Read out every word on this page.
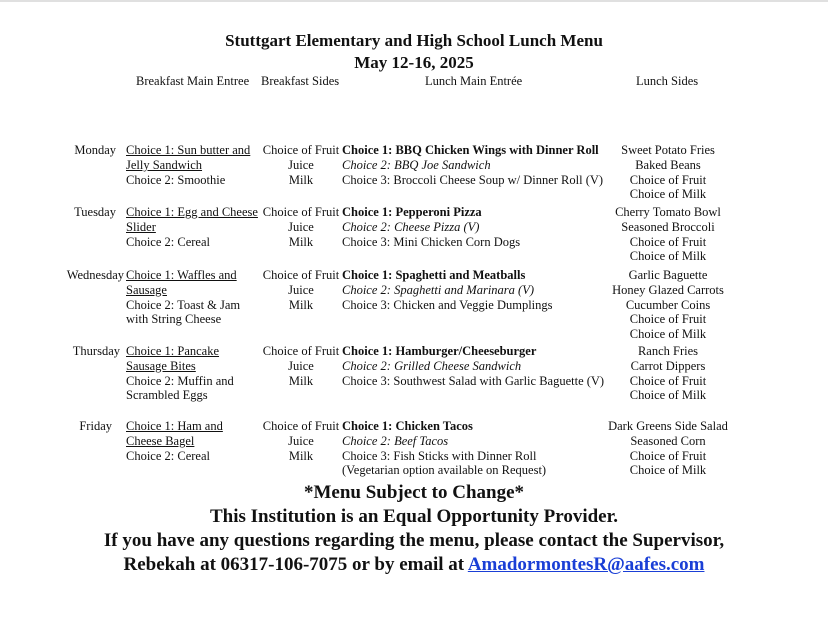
Stuttgart Elementary and High School Lunch Menu
May 12-16, 2025
Breakfast Main Entree Breakfast Sides	Lunch Main Entrée	Lunch Sides
Monday Choice 1: Sun butter and Jelly Sandwich
Choice 2: Smoothie
Choice of Fruit
Juice
Milk
Choice 1: BBQ Chicken Wings with Dinner Roll
Choice 2: BBQ Joe Sandwich
Choice 3: Broccoli Cheese Soup w/ Dinner Roll (V)
Sweet Potato Fries
Baked Beans
Choice of Fruit
Choice of Milk
Tuesday Choice 1: Egg and Cheese Slider
Choice 2: Cereal
Choice of Fruit
Juice
Milk
Choice 1: Pepperoni Pizza
Choice 2: Cheese Pizza (V)
Choice 3: Mini Chicken Corn Dogs
Cherry Tomato Bowl
Seasoned Broccoli
Choice of Fruit
Choice of Milk
Wednesday Choice 1: Waffles and Sausage
Choice 2: Toast & Jam with String Cheese
Choice of Fruit
Juice
Milk
Choice 1: Spaghetti and Meatballs
Choice 2: Spaghetti and Marinara (V)
Choice 3: Chicken and Veggie Dumplings
Garlic Baguette
Honey Glazed Carrots
Cucumber Coins
Choice of Fruit
Choice of Milk
Thursday Choice 1: Pancake Sausage Bites
Choice 2: Muffin and Scrambled Eggs
Choice of Fruit
Juice
Milk
Choice 1: Hamburger/Cheeseburger
Choice 2: Grilled Cheese Sandwich
Choice 3: Southwest Salad with Garlic Baguette (V)
Ranch Fries
Carrot Dippers
Choice of Fruit
Choice of Milk
Friday Choice 1: Ham and Cheese Bagel
Choice 2: Cereal
Choice of Fruit
Juice
Milk
Choice 1: Chicken Tacos
Choice 2: Beef Tacos
Choice 3: Fish Sticks with Dinner Roll
(Vegetarian option available on Request)
Dark Greens Side Salad
Seasoned Corn
Choice of Fruit
Choice of Milk
*Menu Subject to Change*
This Institution is an Equal Opportunity Provider.
If you have any questions regarding the menu, please contact the Supervisor,
Rebekah at 06317-106-7075 or by email at AmadormontesR@aafes.com
